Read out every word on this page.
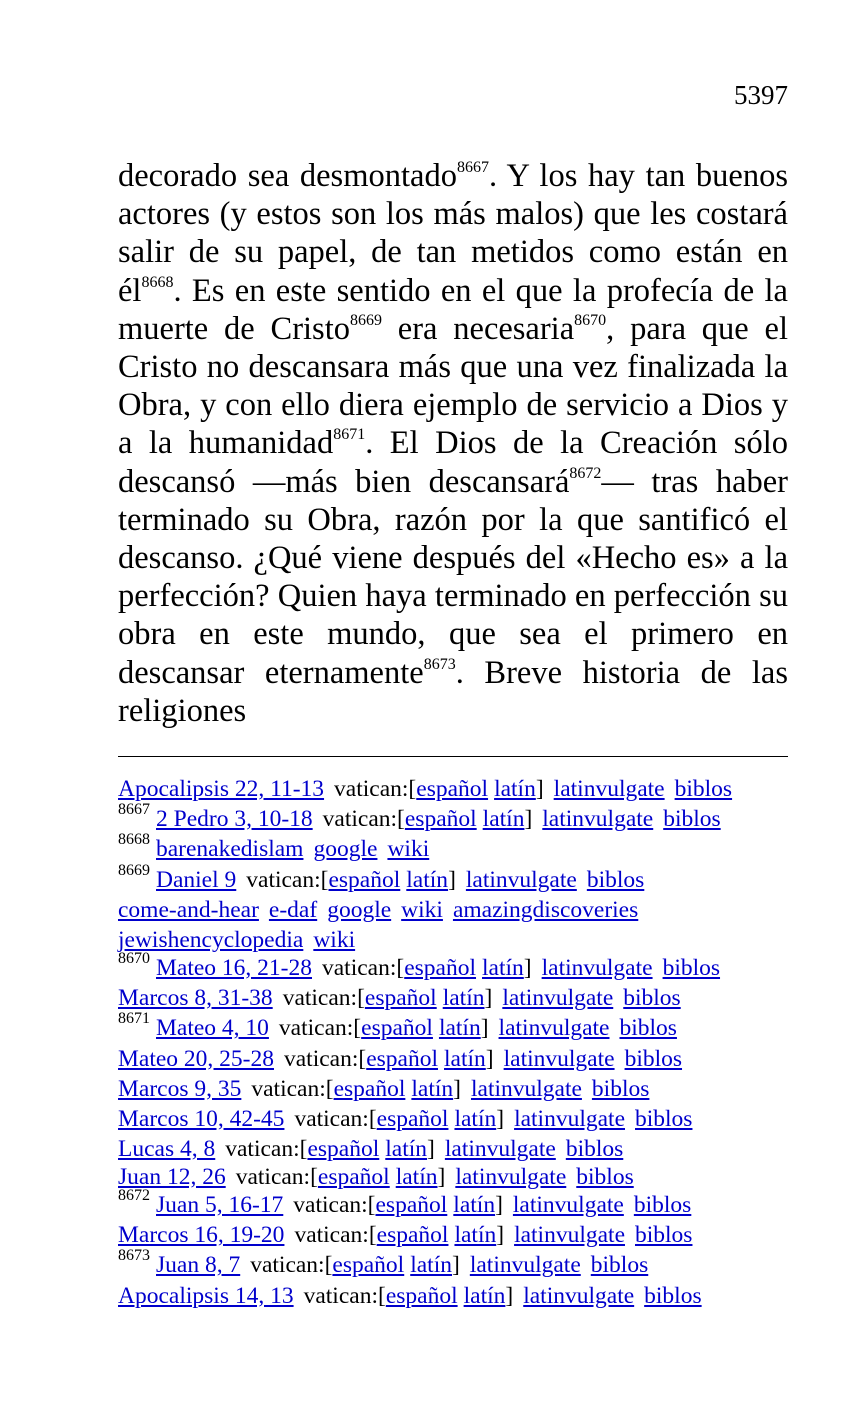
5397

decorado sea desmontado$^{8667}$. Y los hay tan buenos actores (y estos son los más malos) que les costará salir de su papel, de tan metidos como están en $él^{8668}$. Es en este sentido en el que la profecía de la muerte de Cristo$^{8669}$ era necesaria$^{8670}$, para que el Cristo no descansara más que una vez finalizada la Obra, y con ello diera ejemplo de servicio a Dios y a la humanidad$^{8671}$. El Dios de la Creación sólo descansó —más bien descansará$^{8672}$— tras haber terminado su Obra, razón por la que santificó el descanso. ¿Qué viene después del «Hecho es» a la perfección? Quien haya terminado en perfección su obra en este mundo, que sea el primero en descansar eternamente$^{8673}$. Breve historia de las religiones

Apocalipsis 22, 11-13 vatican:[español latín] latinvulgate biblos
$^{8667}$ 2 Pedro 3, 10-18 vatican:[español latín] latinvulgate biblos
$^{8668}$ barenakedislam google wiki
$^{8669}$ Daniel 9 vatican:[español latín] latinvulgate biblos
come-and-hear e-daf google wiki amazingdiscoveries
jewishencyclopedia wiki
$^{8670}$ Mateo 16, 21-28 vatican:[español latín] latinvulgate biblos
Marcos 8, 31-38 vatican:[español latín] latinvulgate biblos
$^{8671}$ Mateo 4, 10 vatican:[español latín] latinvulgate biblos
Mateo 20, 25-28 vatican:[español latín] latinvulgate biblos
Marcos 9, 35 vatican:[español latín] latinvulgate biblos
Marcos 10, 42-45 vatican:[español latín] latinvulgate biblos
Lucas 4, 8 vatican:[español latín] latinvulgate biblos
Juan 12, 26 vatican:[español latín] latinvulgate biblos
$^{8672}$ Juan 5, 16-17 vatican:[español latín] latinvulgate biblos
Marcos 16, 19-20 vatican:[español latín] latinvulgate biblos
$^{8673}$ Juan 8, 7 vatican:[español latín] latinvulgate biblos
Apocalipsis 14, 13 vatican:[español latín] latinvulgate biblos
